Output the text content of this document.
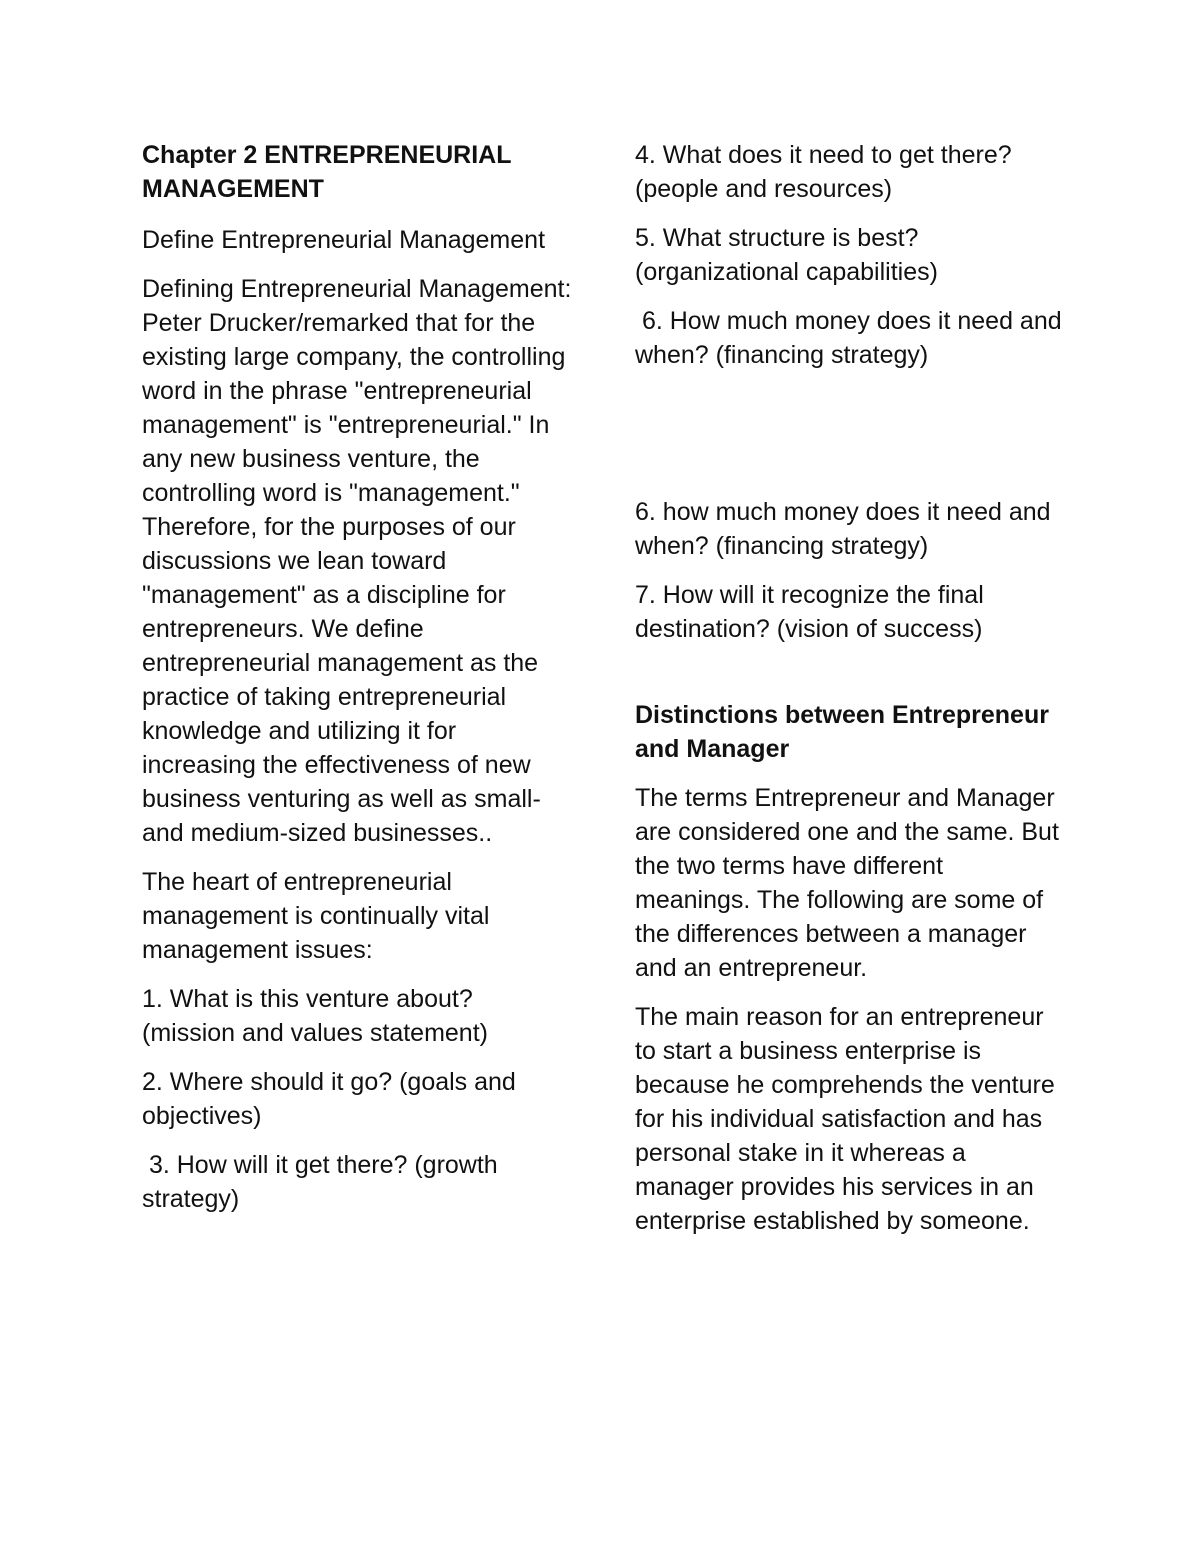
Chapter 2 ENTREPRENEURIAL MANAGEMENT

Define Entrepreneurial Management

Defining Entrepreneurial Management: Peter Drucker/remarked that for the existing large company, the controlling word in the phrase "entrepreneurial management" is "entrepreneurial." In any new business venture, the controlling word is "management." Therefore, for the purposes of our discussions we lean toward "management" as a discipline for entrepreneurs. We define entrepreneurial management as the practice of taking entrepreneurial knowledge and utilizing it for increasing the effectiveness of new business venturing as well as small- and medium-sized businesses..

The heart of entrepreneurial management is continually vital management issues:

1. What is this venture about? (mission and values statement)

2. Where should it go? (goals and objectives)

3. How will it get there? (growth strategy)

4. What does it need to get there? (people and resources)

5. What structure is best? (organizational capabilities)

6. How much money does it need and when? (financing strategy)

6. how much money does it need and when? (financing strategy)

7. How will it recognize the final destination? (vision of success)

Distinctions between Entrepreneur and Manager

The terms Entrepreneur and Manager are considered one and the same. But the two terms have different meanings. The following are some of the differences between a manager and an entrepreneur.

The main reason for an entrepreneur to start a business enterprise is because he comprehends the venture for his individual satisfaction and has personal stake in it whereas a manager provides his services in an enterprise established by someone.
